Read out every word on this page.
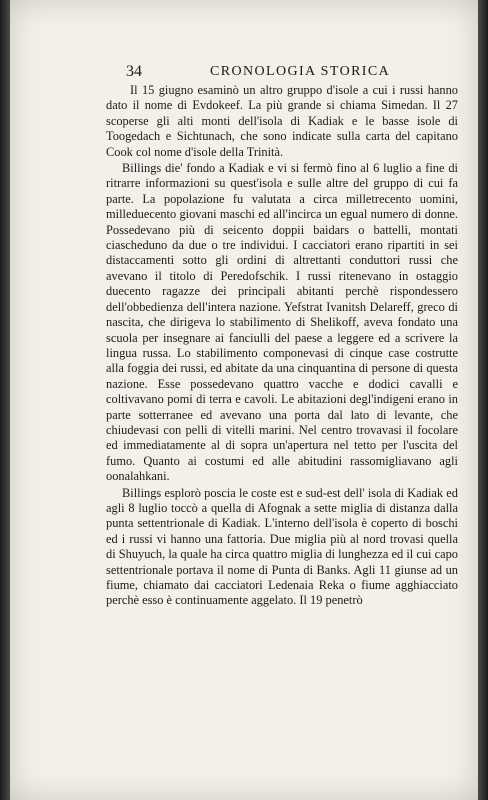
34	CRONOLOGIA STORICA

Il 15 giugno esaminò un altro gruppo d'isole a cui i russi hanno dato il nome di Evdokeef. La più grande si chiama Simedan. Il 27 scoperse gli alti monti dell'isola di Kadiak e le basse isole di Toogedach e Sichtunach, che sono indicate sulla carta del capitano Cook col nome d'isole della Trinità.

Billings die' fondo a Kadiak e vi si fermò fino al 6 luglio a fine di ritrarre informazioni su quest'isola e sulle altre del gruppo di cui fa parte. La popolazione fu valutata a circa milletrecento uomini, milleduecento giovani maschi ed all'incirca un egual numero di donne. Possedevano più di seicento doppii baidars o battelli, montati ciascheduno da due o tre individui. I cacciatori erano ripartiti in sei distaccamenti sotto gli ordini di altrettanti conduttori russi che avevano il titolo di Peredofschik. I russi ritenevano in ostaggio duecento ragazze dei principali abitanti perchè rispondessero dell'obbedienza dell'intera nazione. Yefstrat Ivanitsh Delareff, greco di nascita, che dirigeva lo stabilimento di Shelikoff, aveva fondato una scuola per insegnare ai fanciulli del paese a leggere ed a scrivere la lingua russa. Lo stabilimento componevasi di cinque case costrutte alla foggia dei russi, ed abitate da una cinquantina di persone di questa nazione. Esse possedevano quattro vacche e dodici cavalli e coltivavano pomi di terra e cavoli. Le abitazioni degl'indigeni erano in parte sotterranee ed avevano una porta dal lato di levante, che chiudevasi con pelli di vitelli marini. Nel centro trovavasi il focolare ed immediatamente al di sopra un'apertura nel tetto per l'uscita del fumo. Quanto ai costumi ed alle abitudini rassomigliavano agli oonalahkani.

Billings esplorò poscia le coste est e sud-est dell' isola di Kadiak ed agli 8 luglio toccò a quella di Afognak a sette miglia di distanza dalla punta settentrionale di Kadiak. L'interno dell'isola è coperto di boschi ed i russi vi hanno una fattoria. Due miglia più al nord trovasi quella di Shuyuch, la quale ha circa quattro miglia di lunghezza ed il cui capo settentrionale portava il nome di Punta di Banks. Agli 11 giunse ad un fiume, chiamato dai cacciatori Ledenaia Reka o fiume agghiacciato perchè esso è continuamente aggelato. Il 19 penetrò
